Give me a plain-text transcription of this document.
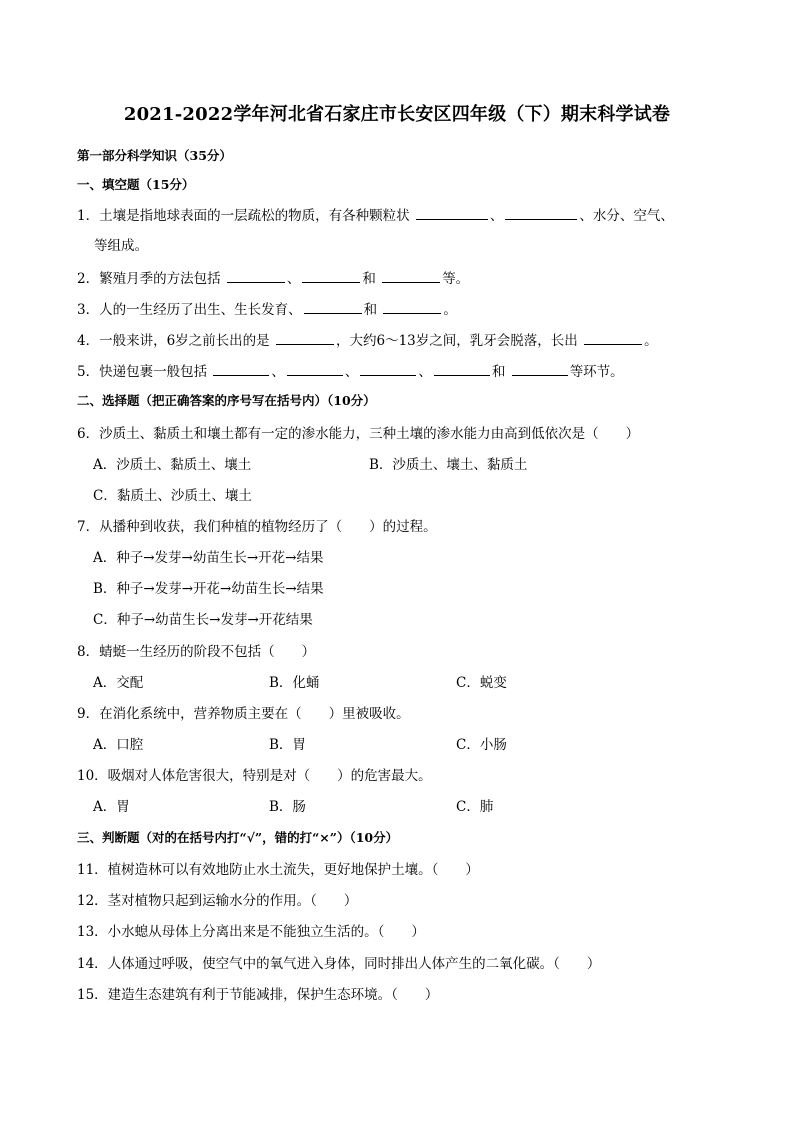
2021-2022学年河北省石家庄市长安区四年级（下）期末科学试卷
第一部分科学知识（35分）
一、填空题（15分）
1．土壤是指地球表面的一层疏松的物质，有各种颗粒状	、	、水分、空气、
等组成。
2．繁殖月季的方法包括	、	和	等。
3．人的一生经历了出生、生长发育、	和	。
4．一般来讲，6岁之前长出的是	，大约6～13岁之间，乳牙会脱落，长出	。
5．快递包裹一般包括	、	、	、	和	等环节。
二、选择题（把正确答案的序号写在括号内）（10分）
6．沙质土、黏质土和壤土都有一定的渗水能力，三种土壤的渗水能力由高到低依次是（　　）
A．沙质土、黏质土、壤土	B．沙质土、壤土、黏质土
C．黏质土、沙质土、壤土
7．从播种到收获，我们种植的植物经历了（　　）的过程。
A．种子→发芽→幼苗生长→开花→结果
B．种子→发芽→开花→幼苗生长→结果
C．种子→幼苗生长→发芽→开花结果
8．蜻蜓一生经历的阶段不包括（　　）
A．交配	B．化蛹	C．蜕变
9．在消化系统中，营养物质主要在（　　）里被吸收。
A．口腔	B．胃	C．小肠
10．吸烟对人体危害很大，特别是对（　　）的危害最大。
A．胃	B．肠	C．肺
三、判断题（对的在括号内打“√”，错的打“×”）（10分）
11．植树造林可以有效地防止水土流失，更好地保护土壤。（　　）
12．茎对植物只起到运输水分的作用。（　　）
13．小水螅从母体上分离出来是不能独立生活的。（　　）
14．人体通过呼吸，使空气中的氧气进入身体，同时排出人体产生的二氧化碳。（　　）
15．建造生态建筑有利于节能减排，保护生态环境。（　　）
